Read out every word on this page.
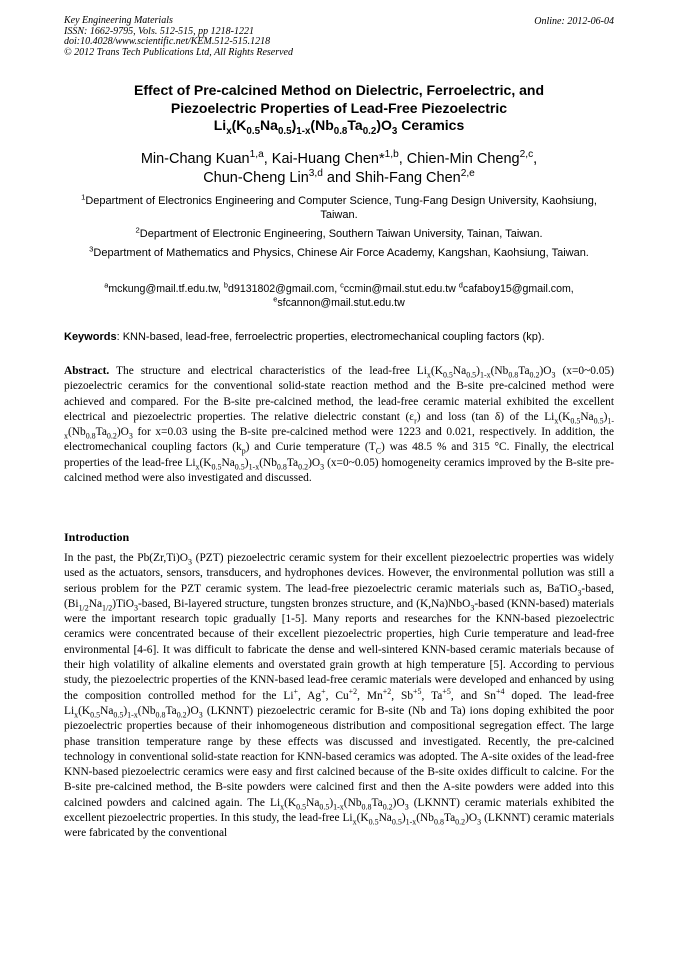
Key Engineering Materials
ISSN: 1662-9795, Vols. 512-515, pp 1218-1221
doi:10.4028/www.scientific.net/KEM.512-515.1218
© 2012 Trans Tech Publications Ltd, All Rights Reserved
Online: 2012-06-04
Effect of Pre-calcined Method on Dielectric, Ferroelectric, and
Piezoelectric Properties of Lead-Free Piezoelectric
$Li_x(K_{0.5}Na_{0.5})_{1-x}(Nb_{0.8}Ta_{0.2})O_3$ Ceramics
Min-Chang Kuan$^{1,a}$, Kai-Huang Chen*$^{1,b}$, Chien-Min Cheng$^{2,c}$,
Chun-Cheng Lin$^{3,d}$ and Shih-Fang Chen$^{2,e}$
$^1$Department of Electronics Engineering and Computer Science, Tung-Fang Design University, Kaohsiung, Taiwan.
$^2$Department of Electronic Engineering, Southern Taiwan University, Tainan, Taiwan.
$^3$Department of Mathematics and Physics, Chinese Air Force Academy, Kangshan, Kaohsiung, Taiwan.
$^a$mckung@mail.tf.edu.tw, $^b$d9131802@gmail.com, $^c$ccmin@mail.stut.edu.tw $^d$cafaboy15@gmail.com,
$^e$sfcannon@mail.stut.edu.tw
Keywords: KNN-based, lead-free, ferroelectric properties, electromechanical coupling factors (kp).
Abstract. The structure and electrical characteristics of the lead-free $Li_x(K_{0.5}Na_{0.5})_{1-x}(Nb_{0.8}Ta_{0.2})O_3$ (x=0~0.05) piezoelectric ceramics for the conventional solid-state reaction method and the B-site pre-calcined method were achieved and compared. For the B-site pre-calcined method, the lead-free ceramic material exhibited the excellent electrical and piezoelectric properties. The relative dielectric constant $(\varepsilon_r)$ and loss (tan δ) of the $Li_x(K_{0.5}Na_{0.5})_{1-x}(Nb_{0.8}Ta_{0.2})O_3$ for x=0.03 using the B-site pre-calcined method were 1223 and 0.021, respectively. In addition, the electromechanical coupling factors $(k_p)$ and Curie temperature $(T_C)$ was 48.5 % and 315 °C. Finally, the electrical properties of the lead-free $Li_x(K_{0.5}Na_{0.5})_{1-x}(Nb_{0.8}Ta_{0.2})O_3$ (x=0~0.05) homogeneity ceramics improved by the B-site pre-calcined method were also investigated and discussed.
Introduction
In the past, the $Pb(Zr,Ti)O_3$ (PZT) piezoelectric ceramic system for their excellent piezoelectric properties was widely used as the actuators, sensors, transducers, and hydrophones devices. However, the environmental pollution was still a serious problem for the PZT ceramic system. The lead-free piezoelectric ceramic materials such as, BaTiO$_3$-based, $(Bi_{1/2}Na_{1/2})TiO_3$-based, Bi-layered structure, tungsten bronzes structure, and (K,Na)NbO$_3$-based (KNN-based) materials were the important research topic gradually [1-5]. Many reports and researches for the KNN-based piezoelectric ceramics were concentrated because of their excellent piezoelectric properties, high Curie temperature and lead-free environmental [4-6]. It was difficult to fabricate the dense and well-sintered KNN-based ceramic materials because of their high volatility of alkaline elements and overstated grain growth at high temperature [5]. According to pervious study, the piezoelectric properties of the KNN-based lead-free ceramic materials were developed and enhanced by using the composition controlled method for the Li+, Ag+, $Cu^{+2}$, $Mn^{+2}$, $Sb^{+5}$, $Ta^{+5}$, and $Sn^{+4}$ doped. The lead-free $Li_x(K_{0.5}Na_{0.5})_{1-x}(Nb_{0.8}Ta_{0.2})O_3$ (LKNNT) piezoelectric ceramic for B-site (Nb and Ta) ions doping exhibited the poor piezoelectric properties because of their inhomogeneous distribution and compositional segregation effect. The large phase transition temperature range by these effects was discussed and investigated. Recently, the pre-calcined technology in conventional solid-state reaction for KNN-based ceramics was adopted. The A-site oxides of the lead-free KNN-based piezoelectric ceramics were easy and first calcined because of the B-site oxides difficult to calcine. For the B-site pre-calcined method, the B-site powders were calcined first and then the A-site powders were added into this calcined powders and calcined again. The $Li_x(K_{0.5}Na_{0.5})_{1-x}(Nb_{0.8}Ta_{0.2})O_3$ (LKNNT) ceramic materials exhibited the excellent piezoelectric properties. In this study, the lead-free $Li_x(K_{0.5}Na_{0.5})_{1-x}(Nb_{0.8}Ta_{0.2})O_3$ (LKNNT) ceramic materials were fabricated by the conventional
